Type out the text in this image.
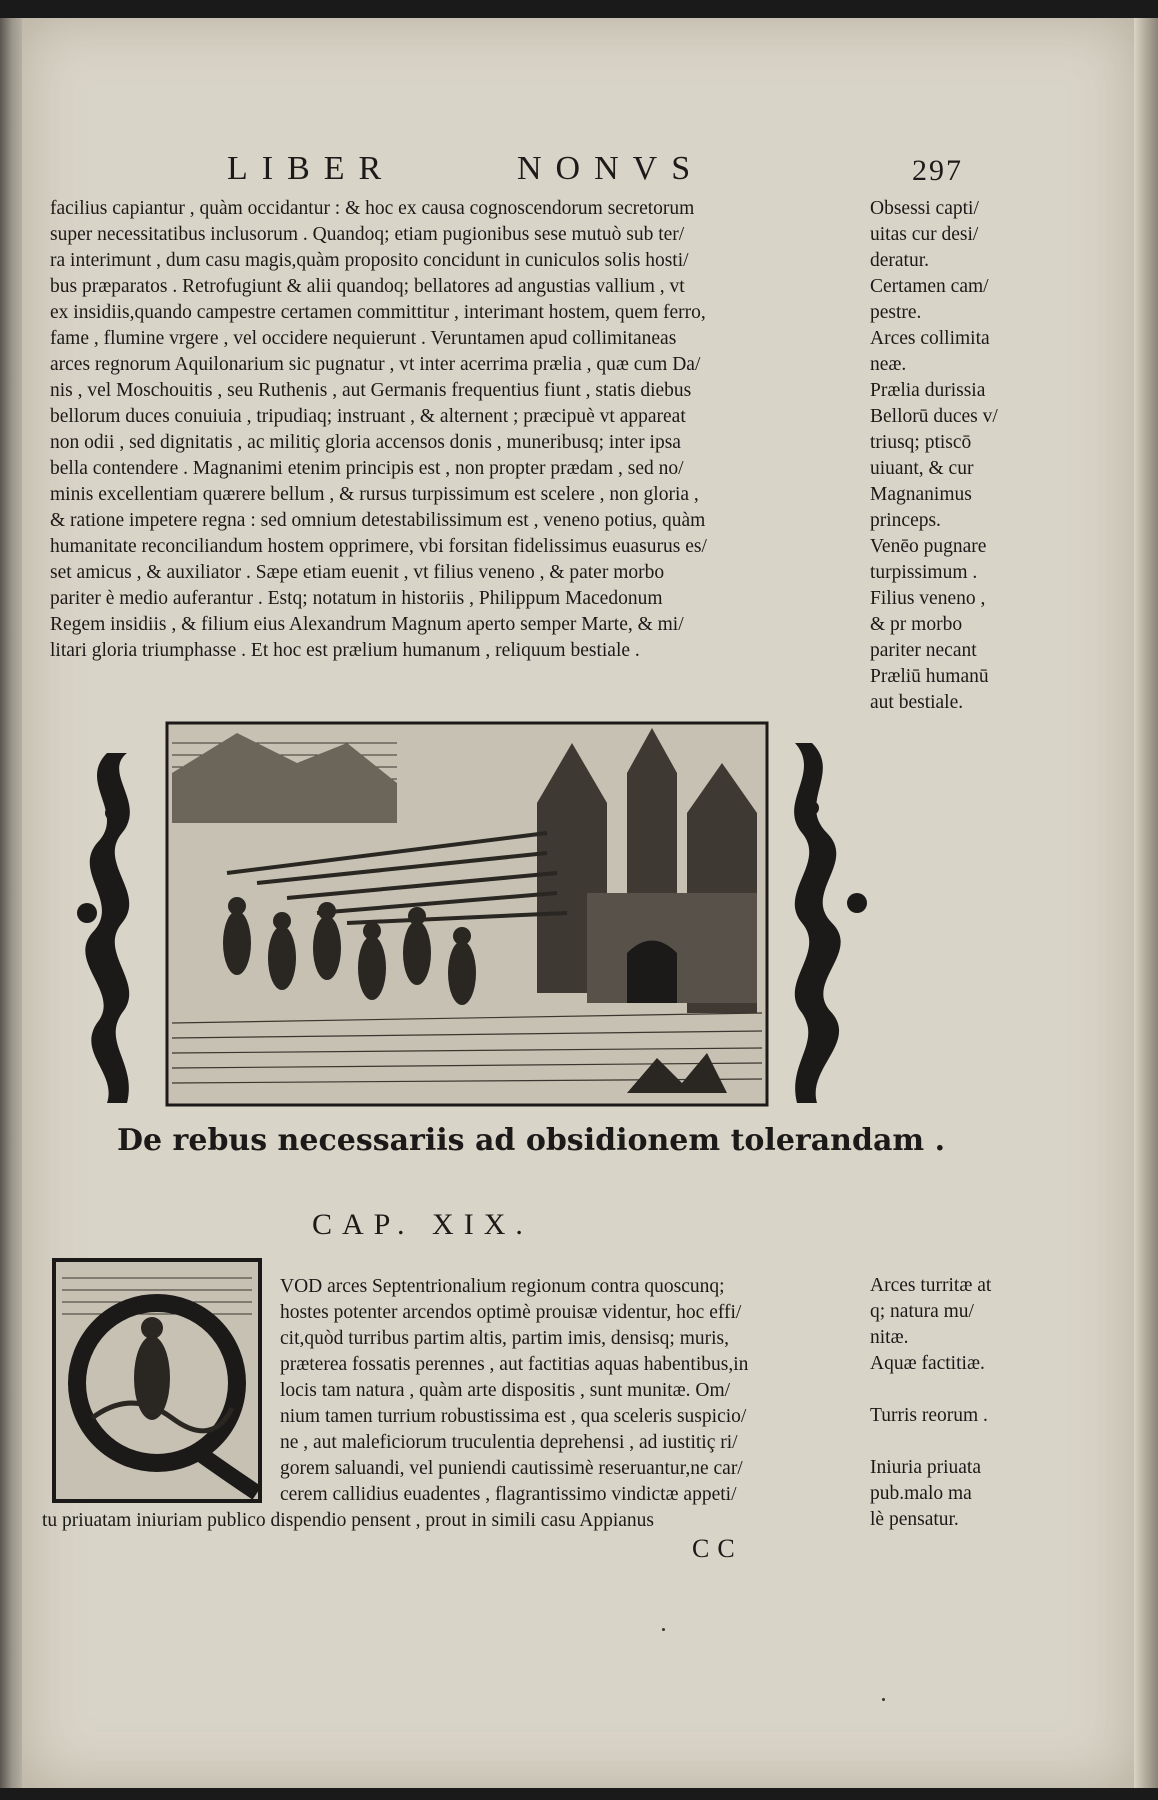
LIBER	NONVS	297

facilius capiantur , quàm occidantur : & hoc ex causa cognoscendorum secretorum

super necessitatibus inclusorum . Quandoq; etiam pugionibus sese mutuò sub ter/

ra interimunt , dum casu magis,quàm proposito concidunt in cuniculos solis hosti/

bus præparatos . Retrofugiunt & alii quandoq; bellatores ad angustias vallium , vt

ex insidiis,quando campestre certamen committitur , interimant hostem, quem ferro,

fame , flumine vrgere , vel occidere nequierunt . Veruntamen apud collimitaneas

arces regnorum Aquilonarium sic pugnatur , vt inter acerrima prælia , quæ cum Da/

nis , vel Moschouitis , seu Ruthenis , aut Germanis frequentius fiunt , statis diebus

bellorum duces conuiuia , tripudiaq; instruant , & alternent ; præcipuè vt appareat

non odii , sed dignitatis , ac militiç gloria accensos donis , muneribusq; inter ipsa

bella contendere . Magnanimi etenim principis est , non propter prædam , sed no/

minis excellentiam quærere bellum , & rursus turpissimum est scelere , non gloria ,

& ratione impetere regna : sed omnium detestabilissimum est , veneno potius, quàm

humanitate reconciliandum hostem opprimere, vbi forsitan fidelissimus euasurus es/

set amicus , & auxiliator . Sæpe etiam euenit , vt filius veneno , & pater morbo

pariter è medio auferantur . Estq; notatum in historiis , Philippum Macedonum

Regem insidiis , & filium eius Alexandrum Magnum aperto semper Marte, & mi/

litari gloria triumphasse . Et hoc est prælium humanum , reliquum bestiale .

Obsessi capti/

uitas cur desi/

deratur.

Certamen cam/

pestre.

Arces collimita

neæ.

Prælia durissia

Bellorū duces v/

triusq; ptiscō

uiuant, & cur

Magnanimus

princeps.

Venēo pugnare

turpissimum .

Filius veneno ,

& pr morbo

pariter necant

Præliū humanū

aut bestiale.

De rebus necessariis ad obsidionem tolerandam .
CAP. XIX.

VOD arces Septentrionalium regionum contra quoscunq;

hostes potenter arcendos optimè prouisæ videntur, hoc effi/

cit,quòd turribus partim altis, partim imis, densisq; muris,

præterea fossatis perennes , aut factitias aquas habentibus,in

locis tam natura , quàm arte dispositis , sunt munitæ. Om/

nium tamen turrium robustissima est , qua sceleris suspicio/

ne , aut maleficiorum truculentia deprehensi , ad iustitiç ri/

gorem saluandi, vel puniendi cautissimè reseruantur,ne car/

cerem callidius euadentes , flagrantissimo vindictæ appeti/

tu priuatam iniuriam publico dispendio pensent , prout in simili casu Appianus

Arces turritæ at

q; natura mu/

nitæ.

Aquæ factitiæ.

Turris reorum .

Iniuria priuata

pub.malo ma

lè pensatur.

CC
